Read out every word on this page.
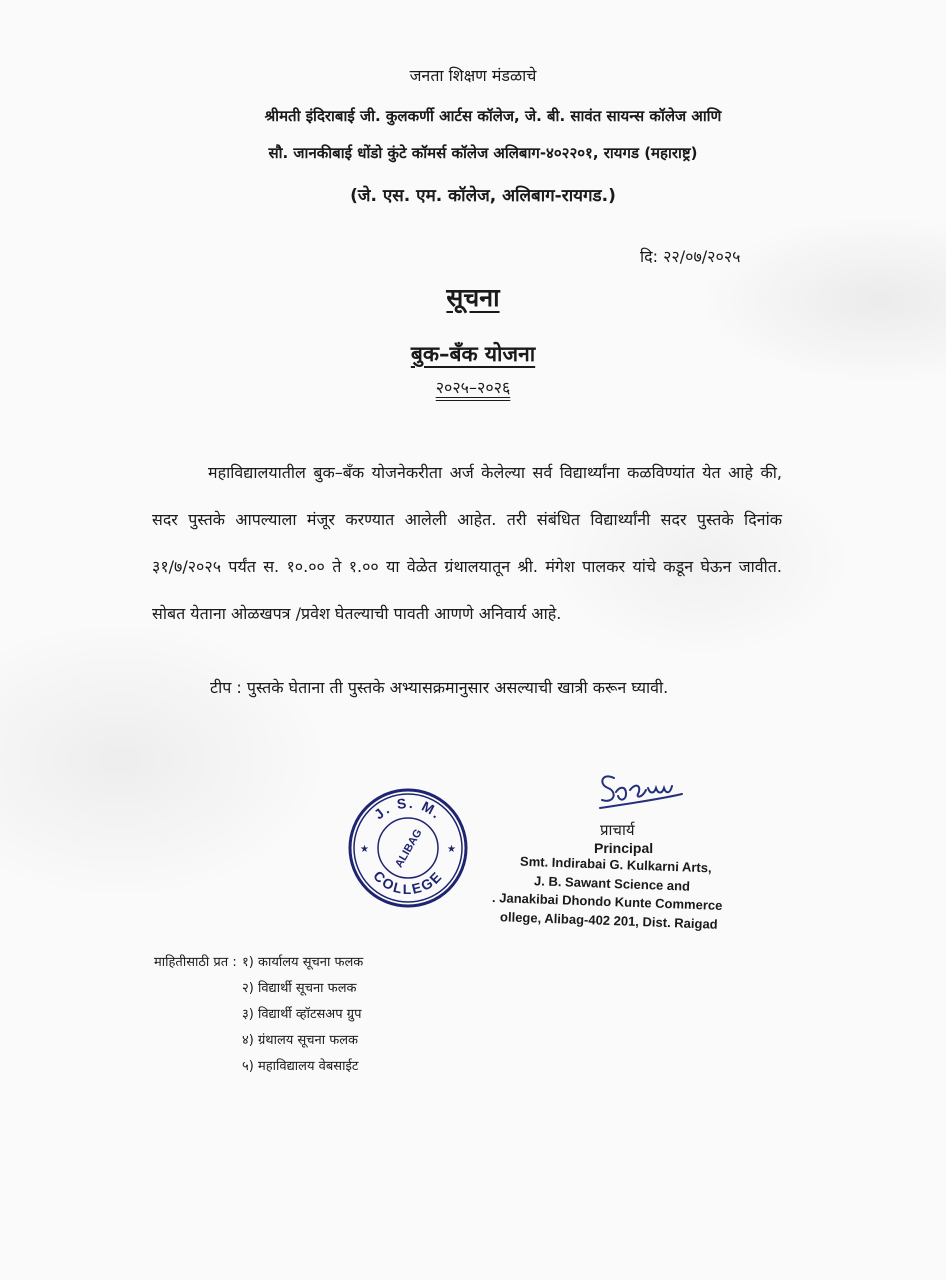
जनता शिक्षण मंडळाचे
श्रीमती इंदिराबाई जी. कुलकर्णी आर्टस कॉलेज, जे. बी. सावंत सायन्स कॉलेज आणि
सौ. जानकीबाई धोंडो कुंटे कॉमर्स कॉलेज अलिबाग-४०२२०१, रायगड (महाराष्ट्र)
(जे. एस. एम. कॉलेज, अलिबाग-रायगड.)
दि: २२/०७/२०२५
सूचना
बुक–बँक योजना
२०२५–२०२६
महाविद्यालयातील बुक–बँक योजनेकरीता अर्ज केलेल्या सर्व विद्यार्थ्यांना कळविण्यांत येत आहे की, सदर पुस्तके आपल्याला मंजूर करण्यात आलेली आहेत. तरी संबंधित विद्यार्थ्यांनी सदर पुस्तके दिनांक ३१/७/२०२५ पर्यंत स. १०.०० ते १.०० या वेळेत ग्रंथालयातून श्री. मंगेश पालकर यांचे कडून घेऊन जावीत. सोबत येताना ओळखपत्र /प्रवेश घेतल्याची पावती आणणे अनिवार्य आहे.
टीप : पुस्तके घेताना ती पुस्तके अभ्यासक्रमानुसार असल्याची खात्री करून घ्यावी.
J. S. M.
COLLEGE
ALIBAG
★	★
प्राचार्य
Principal
Smt. Indirabai G. Kulkarni Arts,
J. B. Sawant Science and
. Janakibai Dhondo Kunte Commerce
ollege, Alibag-402 201, Dist. Raigad
माहितीसाठी प्रत : १) कार्यालय सूचना फलक
२) विद्यार्थी सूचना फलक
३) विद्यार्थी व्हॉटसअप ग्रुप
४) ग्रंथालय सूचना फलक
५) महाविद्यालय वेबसाईट
